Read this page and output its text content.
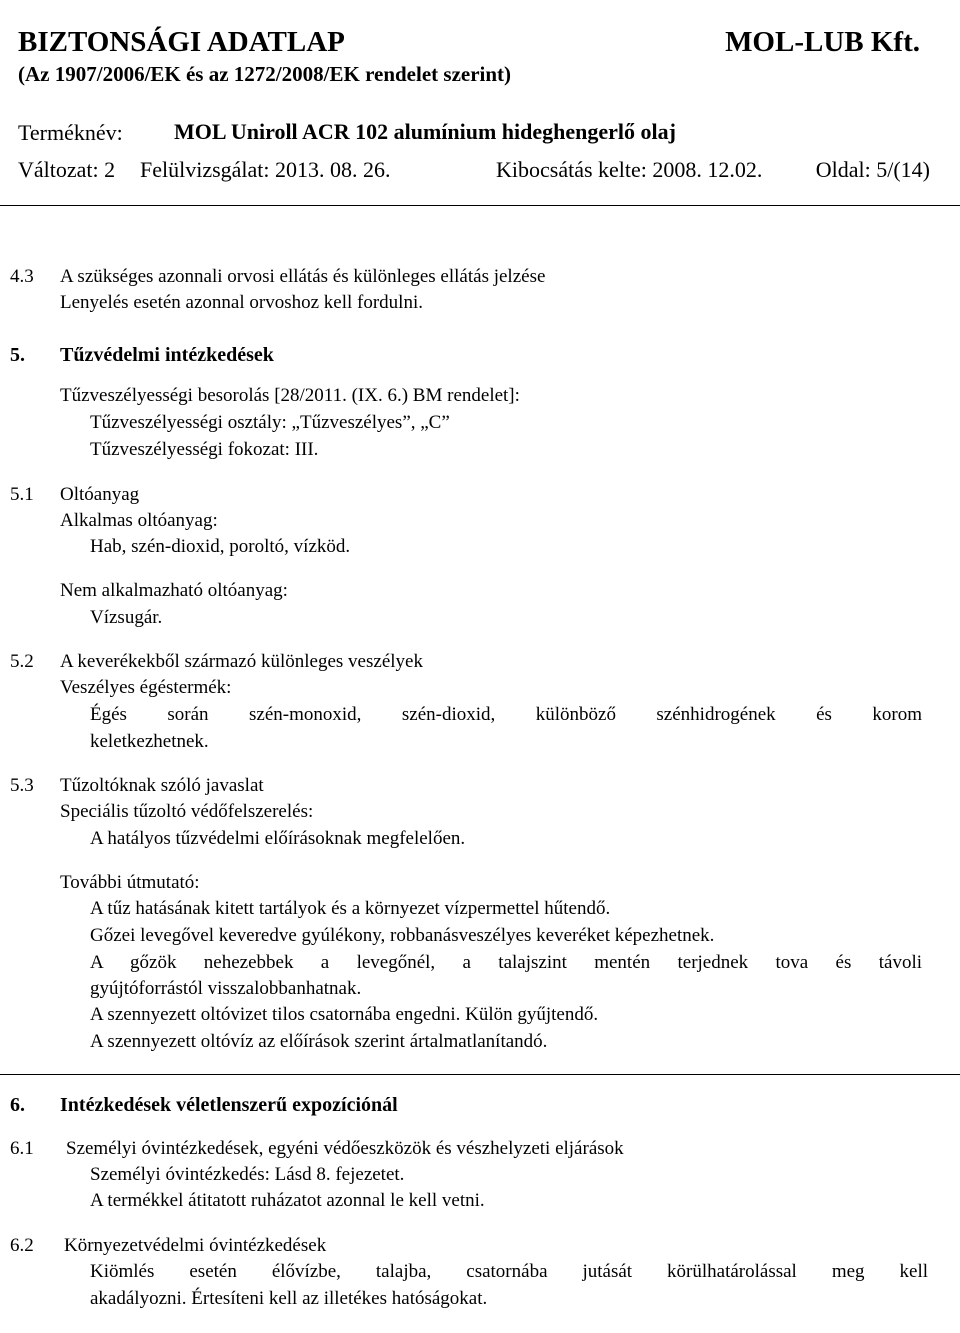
BIZTONSÁGI ADATLAP	MOL-LUB Kft.
(Az 1907/2006/EK és az 1272/2008/EK rendelet szerint)
Terméknév: MOL Uniroll ACR 102 alumínium hideghengerlő olaj
Változat: 2 Felülvizsgálat: 2013. 08. 26.	Kibocsátás kelte: 2008. 12.02. Oldal: 5/(14)
4.3 A szükséges azonnali orvosi ellátás és különleges ellátás jelzése
Lenyelés esetén azonnal orvoshoz kell fordulni.
5. Tűzvédelmi intézkedések
Tűzveszélyességi besorolás [28/2011. (IX. 6.) BM rendelet]:
Tűzveszélyességi osztály: „Tűzveszélyes”, „C”
Tűzveszélyességi fokozat: III.
5.1 Oltóanyag
Alkalmas oltóanyag:
Hab, szén-dioxid, poroltó, vízköd.
Nem alkalmazható oltóanyag:
Vízsugár.
5.2 A keverékekből származó különleges veszélyek
Veszélyes égéstermék:
Égés során szén-monoxid, szén-dioxid, különböző szénhidrogének és korom
keletkezhetnek.
5.3 Tűzoltóknak szóló javaslat
Speciális tűzoltó védőfelszerelés:
A hatályos tűzvédelmi előírásoknak megfelelően.
További útmutató:
A tűz hatásának kitett tartályok és a környezet vízpermettel hűtendő.
Gőzei levegővel keveredve gyúlékony, robbanásveszélyes keveréket képezhetnek.
A gőzök nehezebbek a levegőnél, a talajszint mentén terjednek tova és távoli
gyújtóforrástól visszalobbanhatnak.
A szennyezett oltóvizet tilos csatornába engedni. Külön gyűjtendő.
A szennyezett oltóvíz az előírások szerint ártalmatlanítandó.
6. Intézkedések véletlenszerű expozíciónál
6.1 Személyi óvintézkedések, egyéni védőeszközök és vészhelyzeti eljárások
Személyi óvintézkedés: Lásd 8. fejezetet.
A termékkel átitatott ruházatot azonnal le kell vetni.
6.2 Környezetvédelmi óvintézkedések
Kiömlés esetén élővízbe, talajba, csatornába jutását körülhatárolással meg kell
akadályozni. Értesíteni kell az illetékes hatóságokat.
